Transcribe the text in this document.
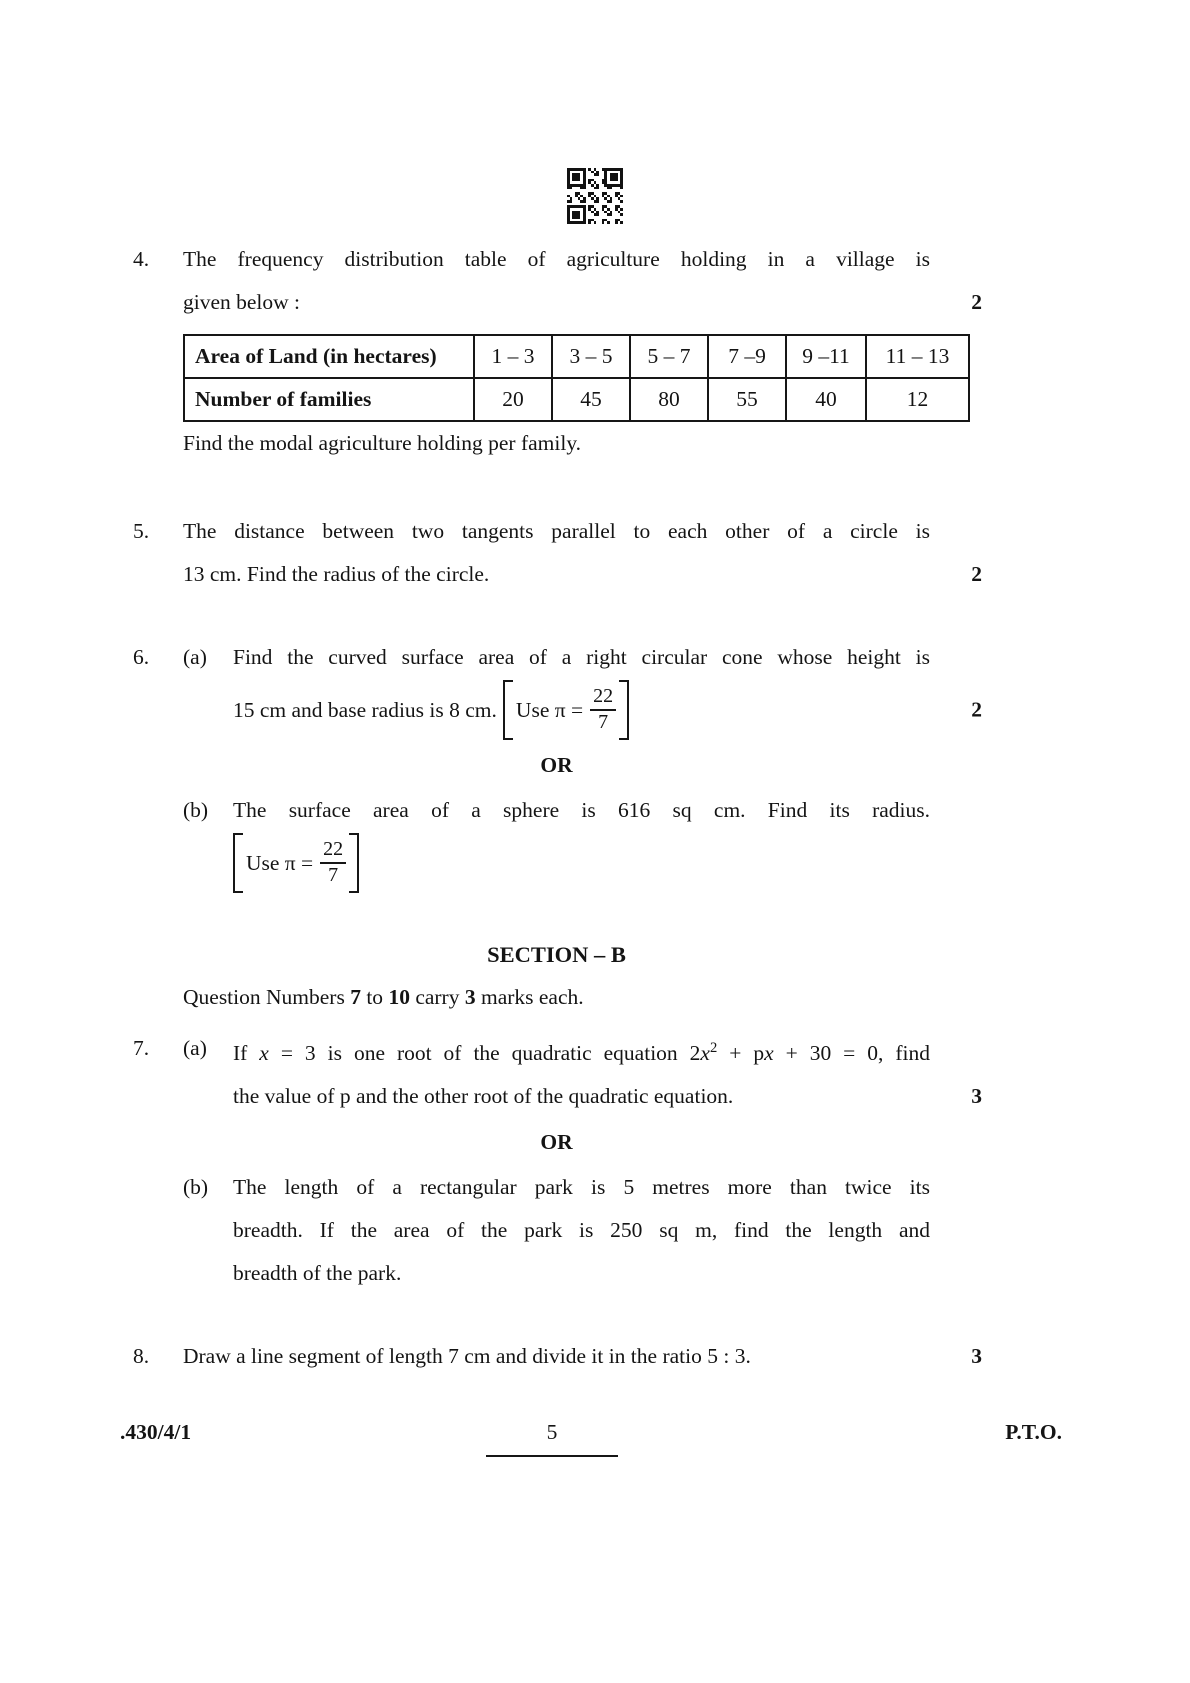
4.	The frequency distribution table of agriculture holding in a village is
given below :	2
Area of Land (in hectares)	1 – 3	3 – 5	5 – 7	7 –9	9 –11	11 – 13
Number of families	20	45	80	55	40	12
Find the modal agriculture holding per family.
5.	The distance between two tangents parallel to each other of a circle is
13 cm. Find the radius of the circle.	2
6.	(a)	Find the curved surface area of a right circular cone whose height is
15 cm and base radius is 8 cm. Use $\pi = \frac{22}{7}$	2
OR
(b)	The surface area of a sphere is 616 sq cm. Find its radius.
Use $\pi = \frac{22}{7}$
SECTION – B
Question Numbers 7 to 10 carry 3 marks each.
7.	(a)	If x = 3 is one root of the quadratic equation $2x^2$ + px + 30 = 0, find
the value of p and the other root of the quadratic equation.	3
OR
(b)	The length of a rectangular park is 5 metres more than twice its
breadth. If the area of the park is 250 sq m, find the length and
breadth of the park.
8.	Draw a line segment of length 7 cm and divide it in the ratio 5 : 3.	3
.430/4/1	5	P.T.O.
